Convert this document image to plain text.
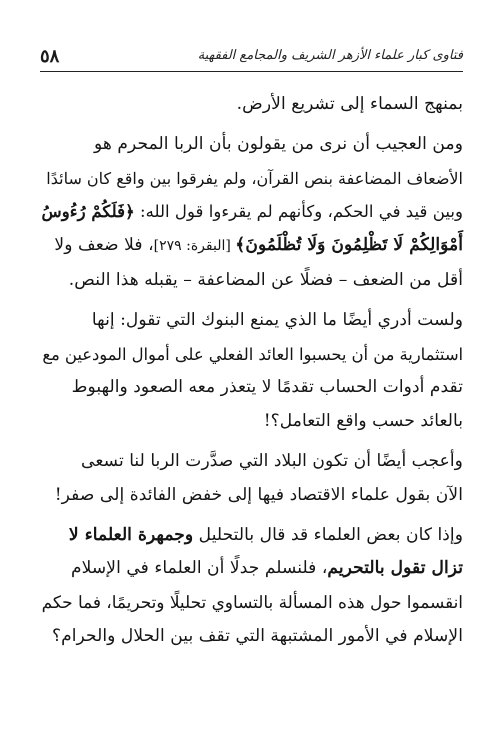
٥٨	فتاوى كبار علماء الأزهر الشريف والمجامع الفقهية
بمنهج السماء إلى تشريع الأرض.
ومن العجيب أن نرى من يقولون بأن الربا المحرم هو
الأضعاف المضاعفة بنص القرآن، ولم يفرقوا بين واقع كان سائدًا
وبين قيد في الحكم، وكأنهم لم يقرءوا قول الله: ﴿فَلَكُمْ رُءُوسُ
أَمْوَالِكُمْ لَا تَظْلِمُونَ وَلَا تُظْلَمُونَ﴾ [البقرة: ٢٧٩]، فلا ضعف ولا
أقل من الضعف – فضلًا عن المضاعفة – يقبله هذا النص.
ولست أدري أيضًا ما الذي يمنع البنوك التي تقول: إنها
استثمارية من أن يحسبوا العائد الفعلي على أموال المودعين مع
تقدم أدوات الحساب تقدمًا لا يتعذر معه الصعود والهبوط
بالعائد حسب واقع التعامل؟!
وأعجب أيضًا أن تكون البلاد التي صدَّرت الربا لنا تسعى
الآن بقول علماء الاقتصاد فيها إلى خفض الفائدة إلى صفر!
وإذا كان بعض العلماء قد قال بالتحليل وجمهرة العلماء لا
تزال تقول بالتحريم، فلنسلم جدلًا أن العلماء في الإسلام
انقسموا حول هذه المسألة بالتساوي تحليلًا وتحريمًا، فما حكم
الإسلام في الأمور المشتبهة التي تقف بين الحلال والحرام؟
